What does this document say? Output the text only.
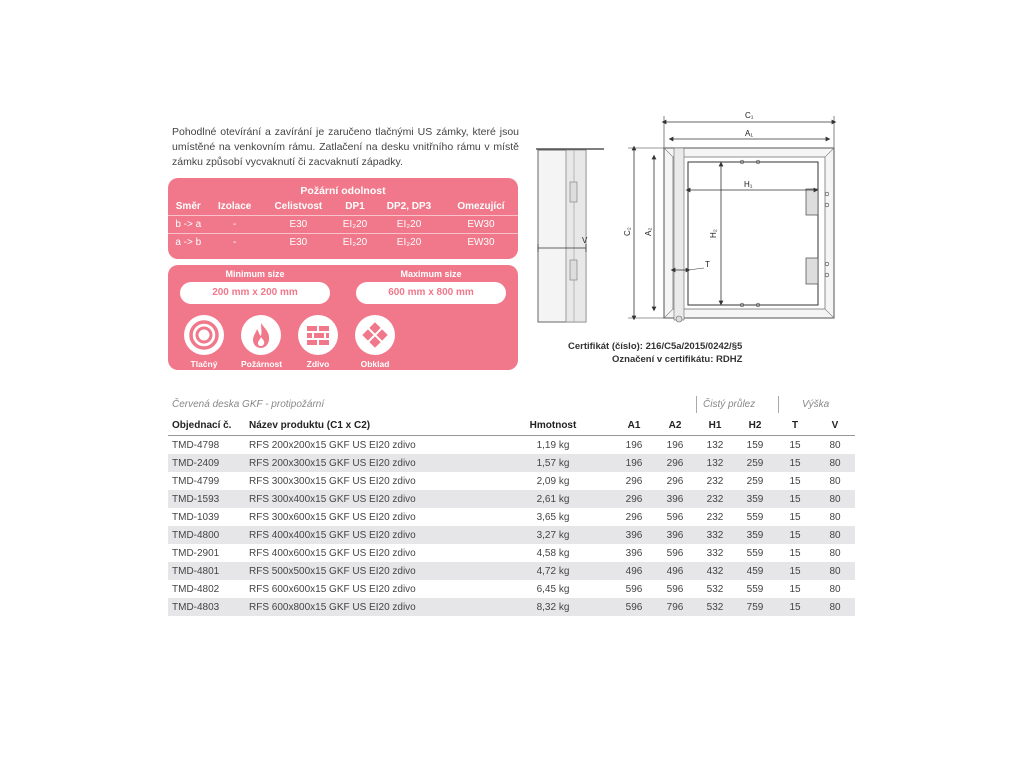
Pohodlné otevírání a zavírání je zaručeno tlačnými US zámky, které jsou umístěné na venkovním rámu. Zatlačení na desku vnitřního rámu v místě zámku způsobí vycvaknutí či zacvaknutí západky.
Požární odolnost
Směr	Izolace	Celistvost	DP1	DP2, DP3	Omezující
b -> a	-	E30	EI₂20	EI₂20	EW30
a -> b	-	E30	EI₂20	EI₂20	EW30
Minimum size	Maximum size
200 mm x 200 mm	600 mm x 800 mm
Tlačný	Požárnost	Zdivo	Obklad
V
C₁
A₁
H₁
H₂
T
C₂ A₂
Certifikát (číslo): 216/C5a/2015/0242/§5
Označení v certifikátu: RDHZ
Červená deska GKF - protipožární	Čistý průlez	Výška
Objednací č.	Název produktu (C1 x C2)	Hmotnost	A1	A2	H1	H2	T	V
TMD-4798	RFS 200x200x15 GKF US EI20 zdivo	1,19 kg	196	196	132	159	15	80
TMD-2409	RFS 200x300x15 GKF US EI20 zdivo	1,57 kg	196	296	132	259	15	80
TMD-4799	RFS 300x300x15 GKF US EI20 zdivo	2,09 kg	296	296	232	259	15	80
TMD-1593	RFS 300x400x15 GKF US EI20 zdivo	2,61 kg	296	396	232	359	15	80
TMD-1039	RFS 300x600x15 GKF US EI20 zdivo	3,65 kg	296	596	232	559	15	80
TMD-4800	RFS 400x400x15 GKF US EI20 zdivo	3,27 kg	396	396	332	359	15	80
TMD-2901	RFS 400x600x15 GKF US EI20 zdivo	4,58 kg	396	596	332	559	15	80
TMD-4801	RFS 500x500x15 GKF US EI20 zdivo	4,72 kg	496	496	432	459	15	80
TMD-4802	RFS 600x600x15 GKF US EI20 zdivo	6,45 kg	596	596	532	559	15	80
TMD-4803	RFS 600x800x15 GKF US EI20 zdivo	8,32 kg	596	796	532	759	15	80
